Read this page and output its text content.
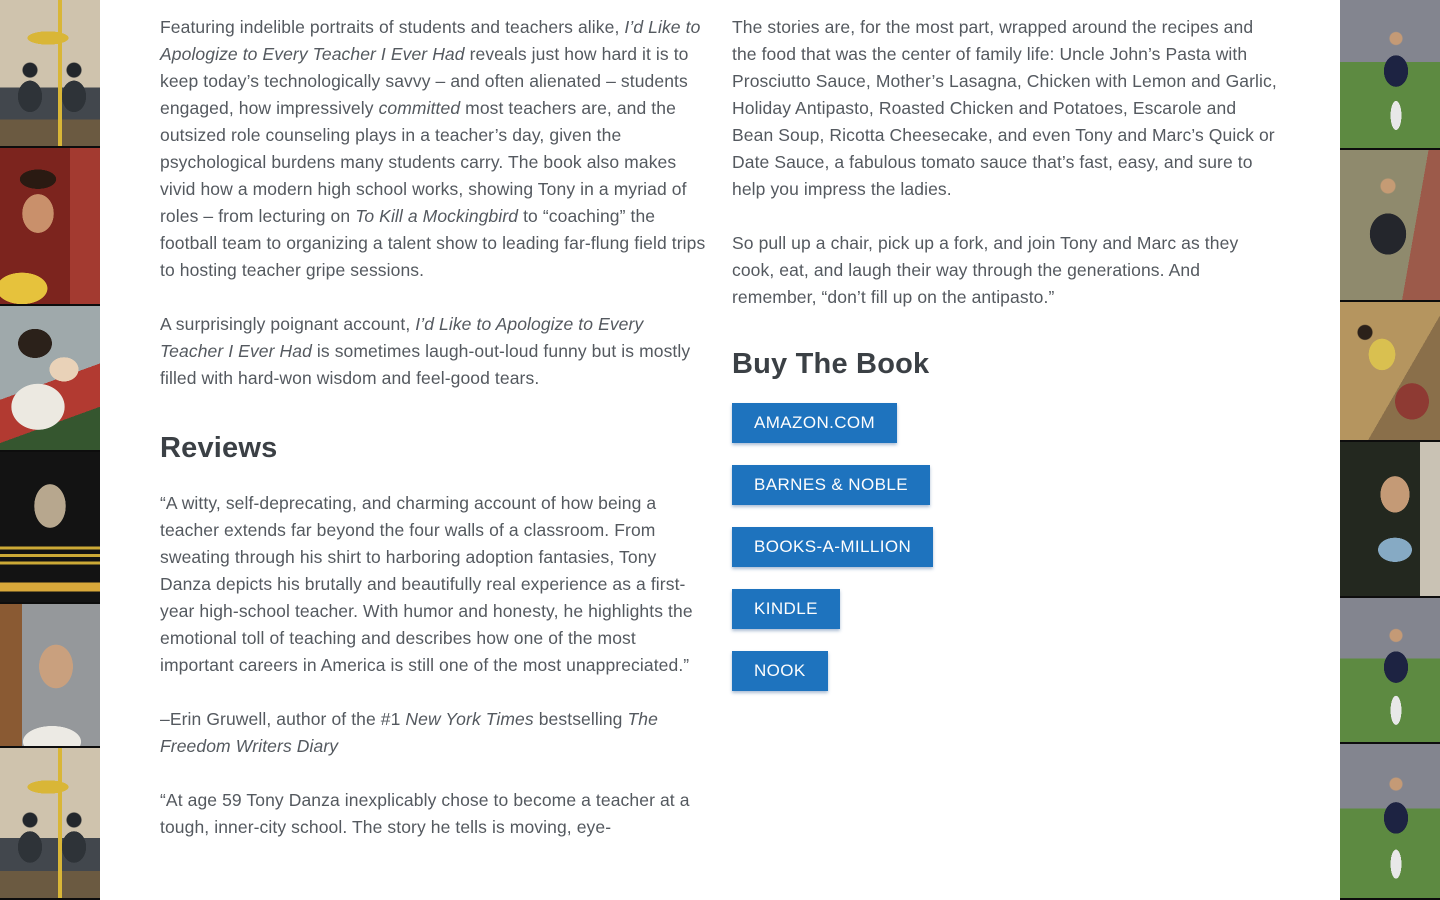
Featuring indelible portraits of students and teachers alike, I’d Like to Apologize to Every Teacher I Ever Had reveals just how hard it is to keep today’s technologically savvy – and often alienated – students engaged, how impressively committed most teachers are, and the outsized role counseling plays in a teacher’s day, given the psychological burdens many students carry. The book also makes vivid how a modern high school works, showing Tony in a myriad of roles – from lecturing on To Kill a Mockingbird to “coaching” the football team to organizing a talent show to leading far-flung field trips to hosting teacher gripe sessions.

A surprisingly poignant account, I’d Like to Apologize to Every Teacher I Ever Had is sometimes laugh-out-loud funny but is mostly filled with hard-won wisdom and feel-good tears.

Reviews

“A witty, self-deprecating, and charming account of how being a teacher extends far beyond the four walls of a classroom. From sweating through his shirt to harboring adoption fantasies, Tony Danza depicts his brutally and beautifully real experience as a first-year high-school teacher. With humor and honesty, he highlights the emotional toll of teaching and describes how one of the most important careers in America is still one of the most unappreciated.”

–Erin Gruwell, author of the #1 New York Times bestselling The Freedom Writers Diary

“At age 59 Tony Danza inexplicably chose to become a teacher at a tough, inner-city school. The story he tells is moving, eye-

The stories are, for the most part, wrapped around the recipes and the food that was the center of family life: Uncle John’s Pasta with Prosciutto Sauce, Mother’s Lasagna, Chicken with Lemon and Garlic, Holiday Antipasto, Roasted Chicken and Potatoes, Escarole and Bean Soup, Ricotta Cheesecake, and even Tony and Marc’s Quick or Date Sauce, a fabulous tomato sauce that’s fast, easy, and sure to help you impress the ladies.

So pull up a chair, pick up a fork, and join Tony and Marc as they cook, eat, and laugh their way through the generations. And remember, “don’t fill up on the antipasto.”

Buy The Book
AMAZON.COM
BARNES & NOBLE
BOOKS-A-MILLION
KINDLE
NOOK
